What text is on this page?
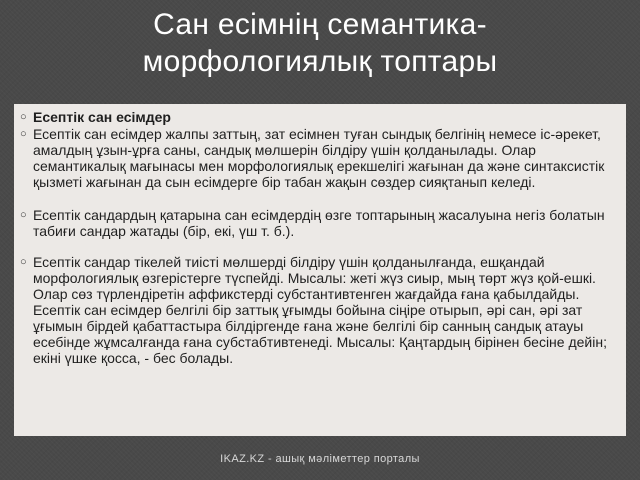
Сан есімнің семантика-
морфологиялық топтары
○ Есептік сан есімдер
○ Есептік сан есімдер жалпы заттың, зат есімнен туған сындық белгінің немесе іс-әрекет, амалдың ұзын-ұрға саны, сандық мөлшерін білдіру үшін қолданылады. Олар семантикалық мағынасы мен морфологиялық ерекшелігі жағынан да және синтаксистік қызметі жағынан да сын есімдерге бір табан жақын сөздер сияқтанып келеді.
○ Есептік сандардың қатарына сан есімдердің өзге топтарының жасалуына негіз болатын табиғи сандар жатады (бір, екі, үш т. б.).
○ Есептік сандар тікелей тиісті мөлшерді білдіру үшін қолданылғанда, ешқандай морфологиялық өзгерістерге түспейді. Мысалы: жеті жүз сиыр, мың төрт жүз қой-ешкі. Олар сөз түрлендіретін аффикстерді субстантивтенген жағдайда ғана қабылдайды. Есептік сан есімдер белгілі бір заттық ұғымды бойына сіңіре отырып, әрі сан, әрі зат ұғымын бірдей қабаттастыра білдіргенде ғана және белгілі бір санның сандық атауы есебінде жұмсалғанда ғана субстабтивтенеді. Мысалы: Қаңтардың бірінен бесіне дейін; екіні үшке қосса, - бес болады.
IKAZ.KZ - ашық мәліметтер порталы
